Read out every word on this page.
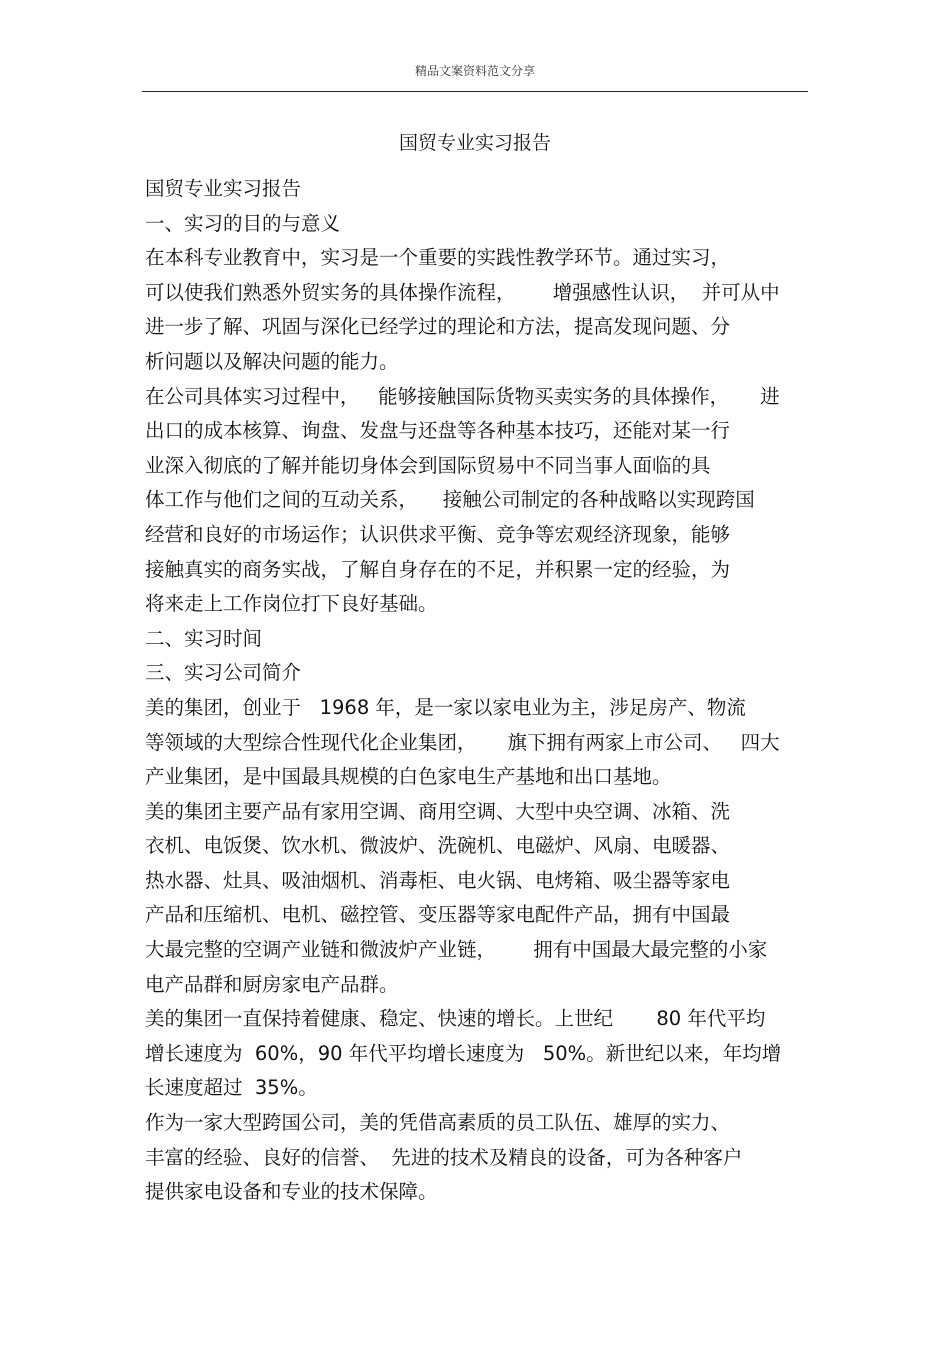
精品文案资料范文分享
国贸专业实习报告
国贸专业实习报告
一、实习的目的与意义
在本科专业教育中，实习是一个重要的实践性教学环节。通过实习，
可以使我们熟悉外贸实务的具体操作流程，      增强感性认识，  并可从中
进一步了解、巩固与深化已经学过的理论和方法，提高发现问题、分
析问题以及解决问题的能力。
在公司具体实习过程中，   能够接触国际货物买卖实务的具体操作，     进
出口的成本核算、询盘、发盘与还盘等各种基本技巧，还能对某一行
业深入彻底的了解并能切身体会到国际贸易中不同当事人面临的具
体工作与他们之间的互动关系，    接触公司制定的各种战略以实现跨国
经营和良好的市场运作；认识供求平衡、竞争等宏观经济现象，能够
接触真实的商务实战，了解自身存在的不足，并积累一定的经验，为
将来走上工作岗位打下良好基础。
二、实习时间
三、实习公司简介
美的集团，创业于   1968 年，是一家以家电业为主，涉足房产、物流
等领域的大型综合性现代化企业集团，     旗下拥有两家上市公司、   四大
产业集团，是中国最具规模的白色家电生产基地和出口基地。
美的集团主要产品有家用空调、商用空调、大型中央空调、冰箱、洗
衣机、电饭煲、饮水机、微波炉、洗碗机、电磁炉、风扇、电暖器、
热水器、灶具、吸油烟机、消毒柜、电火锅、电烤箱、吸尘器等家电
产品和压缩机、电机、磁控管、变压器等家电配件产品，拥有中国最
大最完整的空调产业链和微波炉产业链，      拥有中国最大最完整的小家
电产品群和厨房家电产品群。
美的集团一直保持着健康、稳定、快速的增长。上世纪       80 年代平均
增长速度为  60%，90 年代平均增长速度为   50%。新世纪以来，年均增
长速度超过  35%。
作为一家大型跨国公司，美的凭借高素质的员工队伍、雄厚的实力、
丰富的经验、良好的信誉、  先进的技术及精良的设备，可为各种客户
提供家电设备和专业的技术保障。
